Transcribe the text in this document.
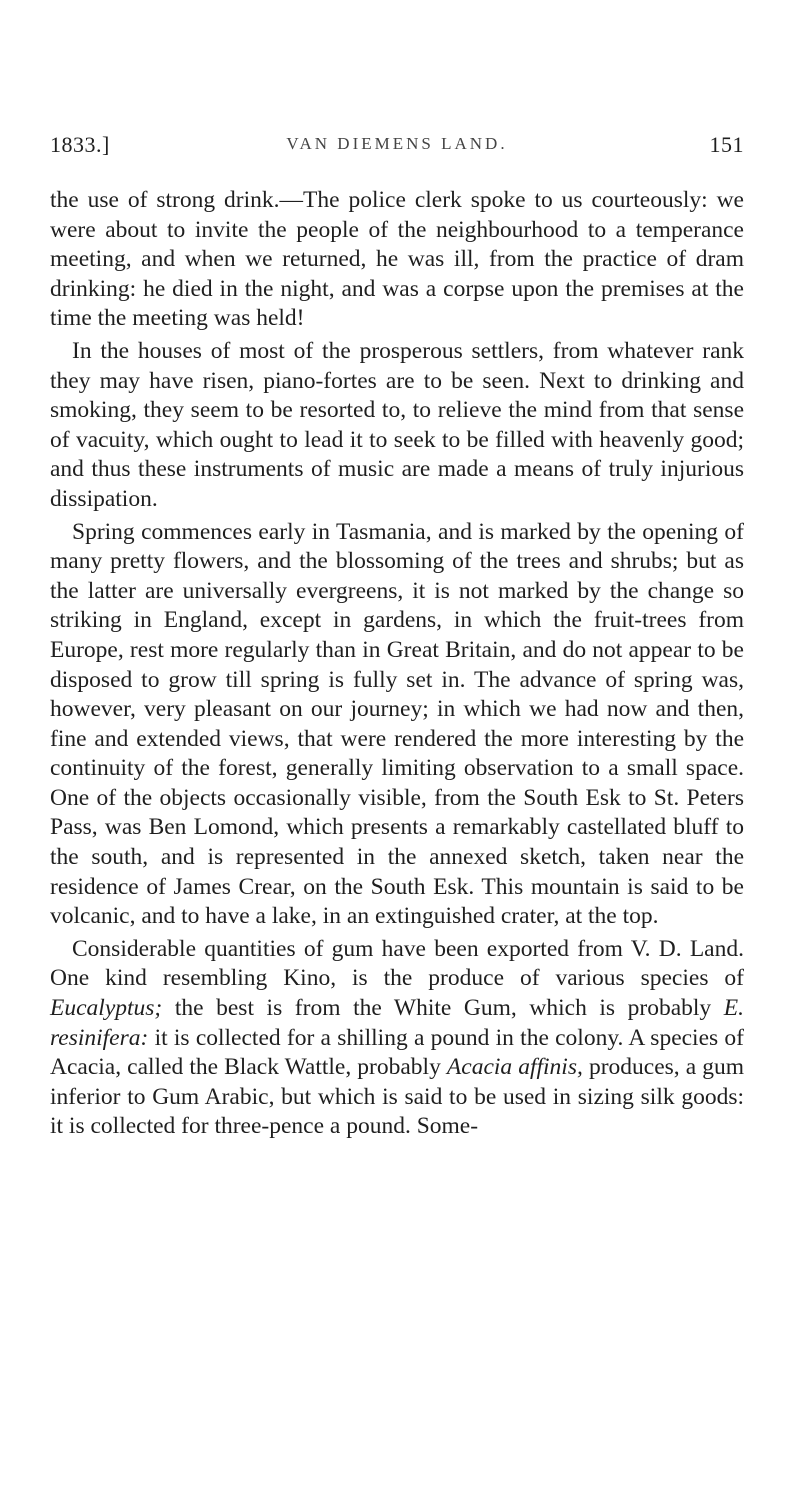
1833.]	VAN DIEMENS LAND.	151

the use of strong drink.—The police clerk spoke to us courteously: we were about to invite the people of the neighbourhood to a temperance meeting, and when we returned, he was ill, from the practice of dram drinking: he died in the night, and was a corpse upon the premises at the time the meeting was held!

In the houses of most of the prosperous settlers, from whatever rank they may have risen, piano-fortes are to be seen. Next to drinking and smoking, they seem to be resorted to, to relieve the mind from that sense of vacuity, which ought to lead it to seek to be filled with heavenly good; and thus these instruments of music are made a means of truly injurious dissipation.

Spring commences early in Tasmania, and is marked by the opening of many pretty flowers, and the blossoming of the trees and shrubs; but as the latter are universally evergreens, it is not marked by the change so striking in England, except in gardens, in which the fruit-trees from Europe, rest more regularly than in Great Britain, and do not appear to be disposed to grow till spring is fully set in. The advance of spring was, however, very pleasant on our journey; in which we had now and then, fine and extended views, that were rendered the more interesting by the continuity of the forest, generally limiting observation to a small space. One of the objects occasionally visible, from the South Esk to St. Peters Pass, was Ben Lomond, which presents a remarkably castellated bluff to the south, and is represented in the annexed sketch, taken near the residence of James Crear, on the South Esk. This mountain is said to be volcanic, and to have a lake, in an extinguished crater, at the top.

Considerable quantities of gum have been exported from V. D. Land. One kind resembling Kino, is the produce of various species of Eucalyptus; the best is from the White Gum, which is probably E. resinifera: it is collected for a shilling a pound in the colony. A species of Acacia, called the Black Wattle, probably Acacia affinis, produces, a gum inferior to Gum Arabic, but which is said to be used in sizing silk goods: it is collected for three-pence a pound. Some-
